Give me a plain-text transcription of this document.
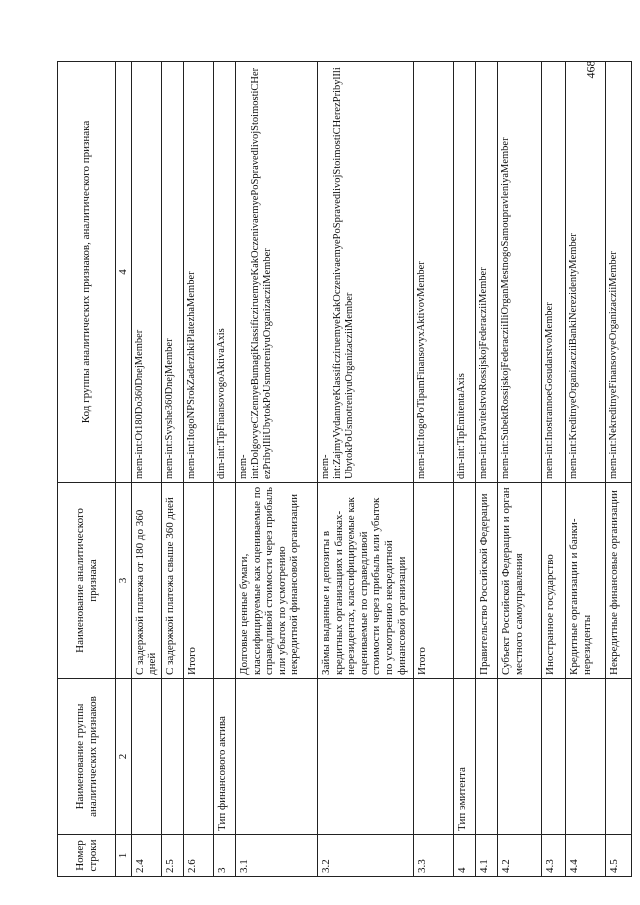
468
Номер строки	Наименование группы аналитических признаков	Наименование аналитического признака	Код группы аналитических признаков, аналитического признака
1	2	3	4
2.4		С задержкой платежа от 180 до 360 дней	mem-int:Ot180Do360DnejMember
2.5		С задержкой платежа свыше 360 дней	mem-int:Svyshe360DnejMember
2.6		Итого	mem-int:ItogoNPSrokZaderzhkiPlatezhaMember
3	Тип финансового актива		dim-int:TipFinansovogoAktivaAxis
3.1		Долговые ценные бумаги, классифицируемые как оцениваемые по справедливой стоимости через прибыль или убыток по усмотрению некредитной финансовой организации	mem-int:DolgovyeCZennyeBumagiKlassificziruemyeKakOczenivaemyePoSpravedlivojStoimostiCHerezPribylIliUbytokPoUsmotreniyuOrganizaczii​Member
3.2		Займы выданные и депозиты в кредитных организациях и банках-нерезидентах, классифицируемые как оцениваемые по справедливой стоимости через прибыль или убыток по усмотрению некредитной финансовой организации	mem-int:ZajmyVydannyeKlassificziruemyeKakOczenivaemyePoSpravedlivojStoimostiCHerezPribylIliUbytokPoUsmotreniyuOrganizacziiMember
3.3		Итого	mem-int:ItogoPoTipamFinansovyxAktivovMember
4	Тип эмитента		dim-int:TipEmitentaAxis
4.1		Правительство Российской Федерации	mem-int:PravitelstvoRossijskojFederacziiMember
4.2		Субъект Российской Федерации и орган местного самоуправления	mem-int:SubektRossijskojFederacziiIliOrganMestnogoSamoupravleniyaMember
4.3		Иностранное государство	mem-int:InostrannoeGosudarstvoMember
4.4		Кредитные организации и банки-нерезиденты	mem-int:KreditnyeOrganizacziiBankiNerezidentyMember
4.5		Некредитные финансовые организации	mem-int:NekreditnyeFinansovyeOrganizacziiMember
